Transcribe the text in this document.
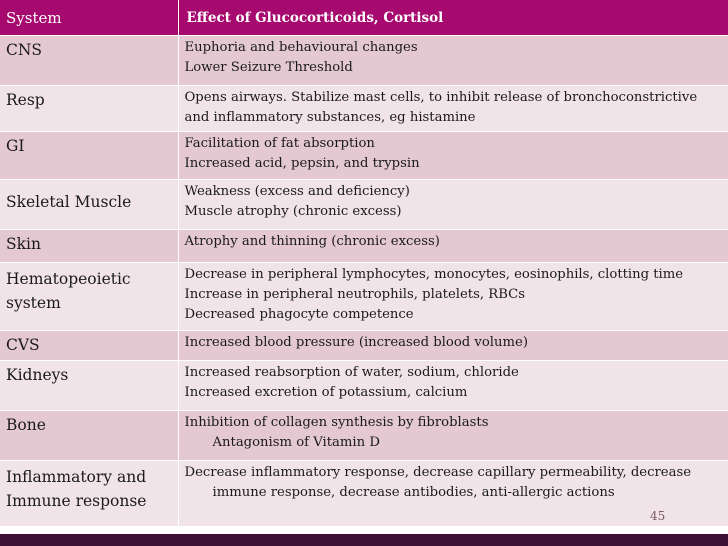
System	Effect of Glucocorticoids, Cortisol

CNS	Euphoria and behavioural changes
Lower Seizure Threshold

Resp	Opens airways. Stabilize mast cells, to inhibit release of bronchoconstrictive
and inflammatory substances, eg histamine

GI	Facilitation of fat absorption
Increased acid, pepsin, and trypsin

Skeletal Muscle	Weakness (excess and deficiency)
Muscle atrophy (chronic excess)

Skin	Atrophy and thinning (chronic excess)

Hematopeoietic
system	Decrease in peripheral lymphocytes, monocytes, eosinophils, clotting time
Increase in peripheral neutrophils, platelets, RBCs
Decreased phagocyte competence

CVS	Increased blood pressure (increased blood volume)

Kidneys	Increased reabsorption of water, sodium, chloride
Increased excretion of potassium, calcium

Bone	Inhibition of collagen synthesis by fibroblasts
Antagonism of Vitamin D

Inflammatory and
Immune response	Decrease inflammatory response, decrease capillary permeability, decrease
immune response, decrease antibodies, anti-allergic actions
45
